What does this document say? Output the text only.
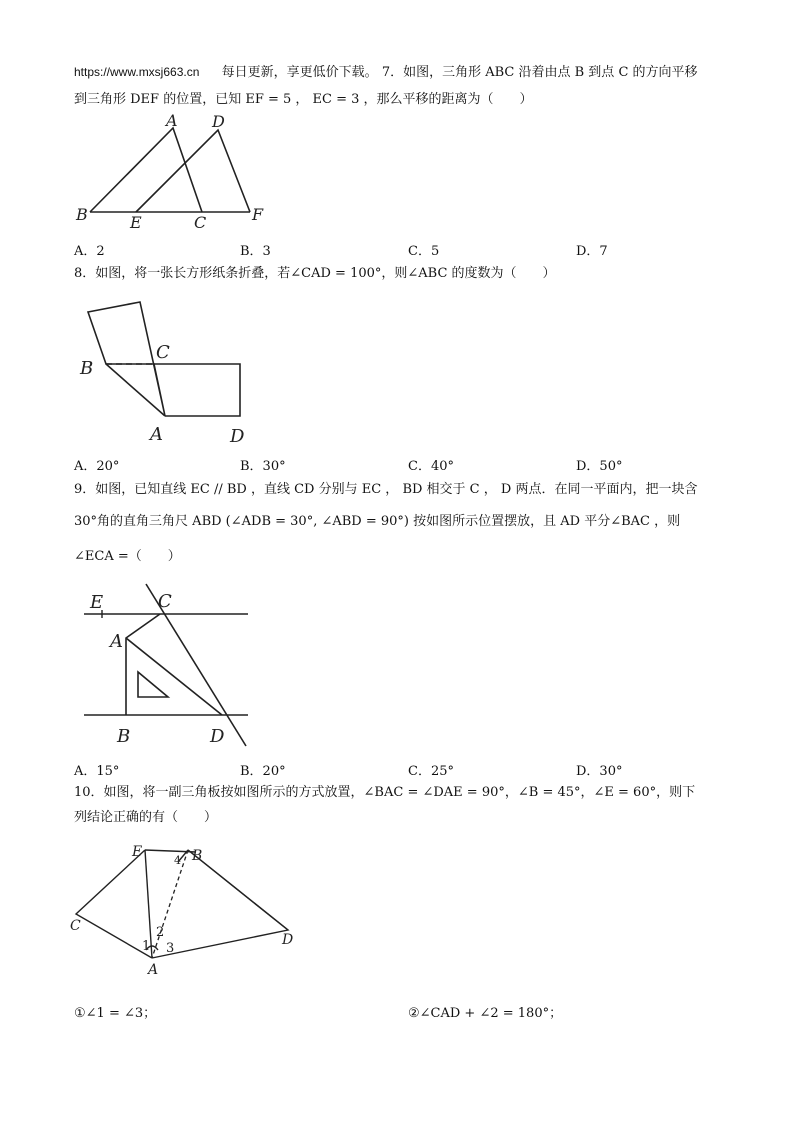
https://www.mxsj663.cn 每日更新，享更低价下载。 7．如图，三角形 ABC 沿着由点 B 到点 C 的方向平移
到三角形 DEF 的位置，已知 EF = 5 ， EC = 3 ，那么平移的距离为（　　）
A D
B	E	C	F
A．2	B．3	C．5	D．7
8．如图，将一张长方形纸条折叠，若∠CAD = 100°，则∠ABC 的度数为（　　）
C
B
A	D
A．20°	B．30°	C．40°	D．50°
9．如图，已知直线 EC // BD ，直线 CD 分别与 EC ， BD 相交于 C ， D 两点．在同一平面内，把一块含
30°角的直角三角尺 ABD (∠ADB = 30°, ∠ABD = 90°) 按如图所示位置摆放，且 AD 平分∠BAC ，则
∠ECA =（　　）
E	C
A
B	D
A．15°	B．20°	C．25°	D．30°
10．如图，将一副三角板按如图所示的方式放置，∠BAC = ∠DAE = 90°，∠B = 45°，∠E = 60°，则下
列结论正确的有（　　）
E	B
4
C
D
2
1 3
A
①∠1 = ∠3；	②∠CAD + ∠2 = 180°；
